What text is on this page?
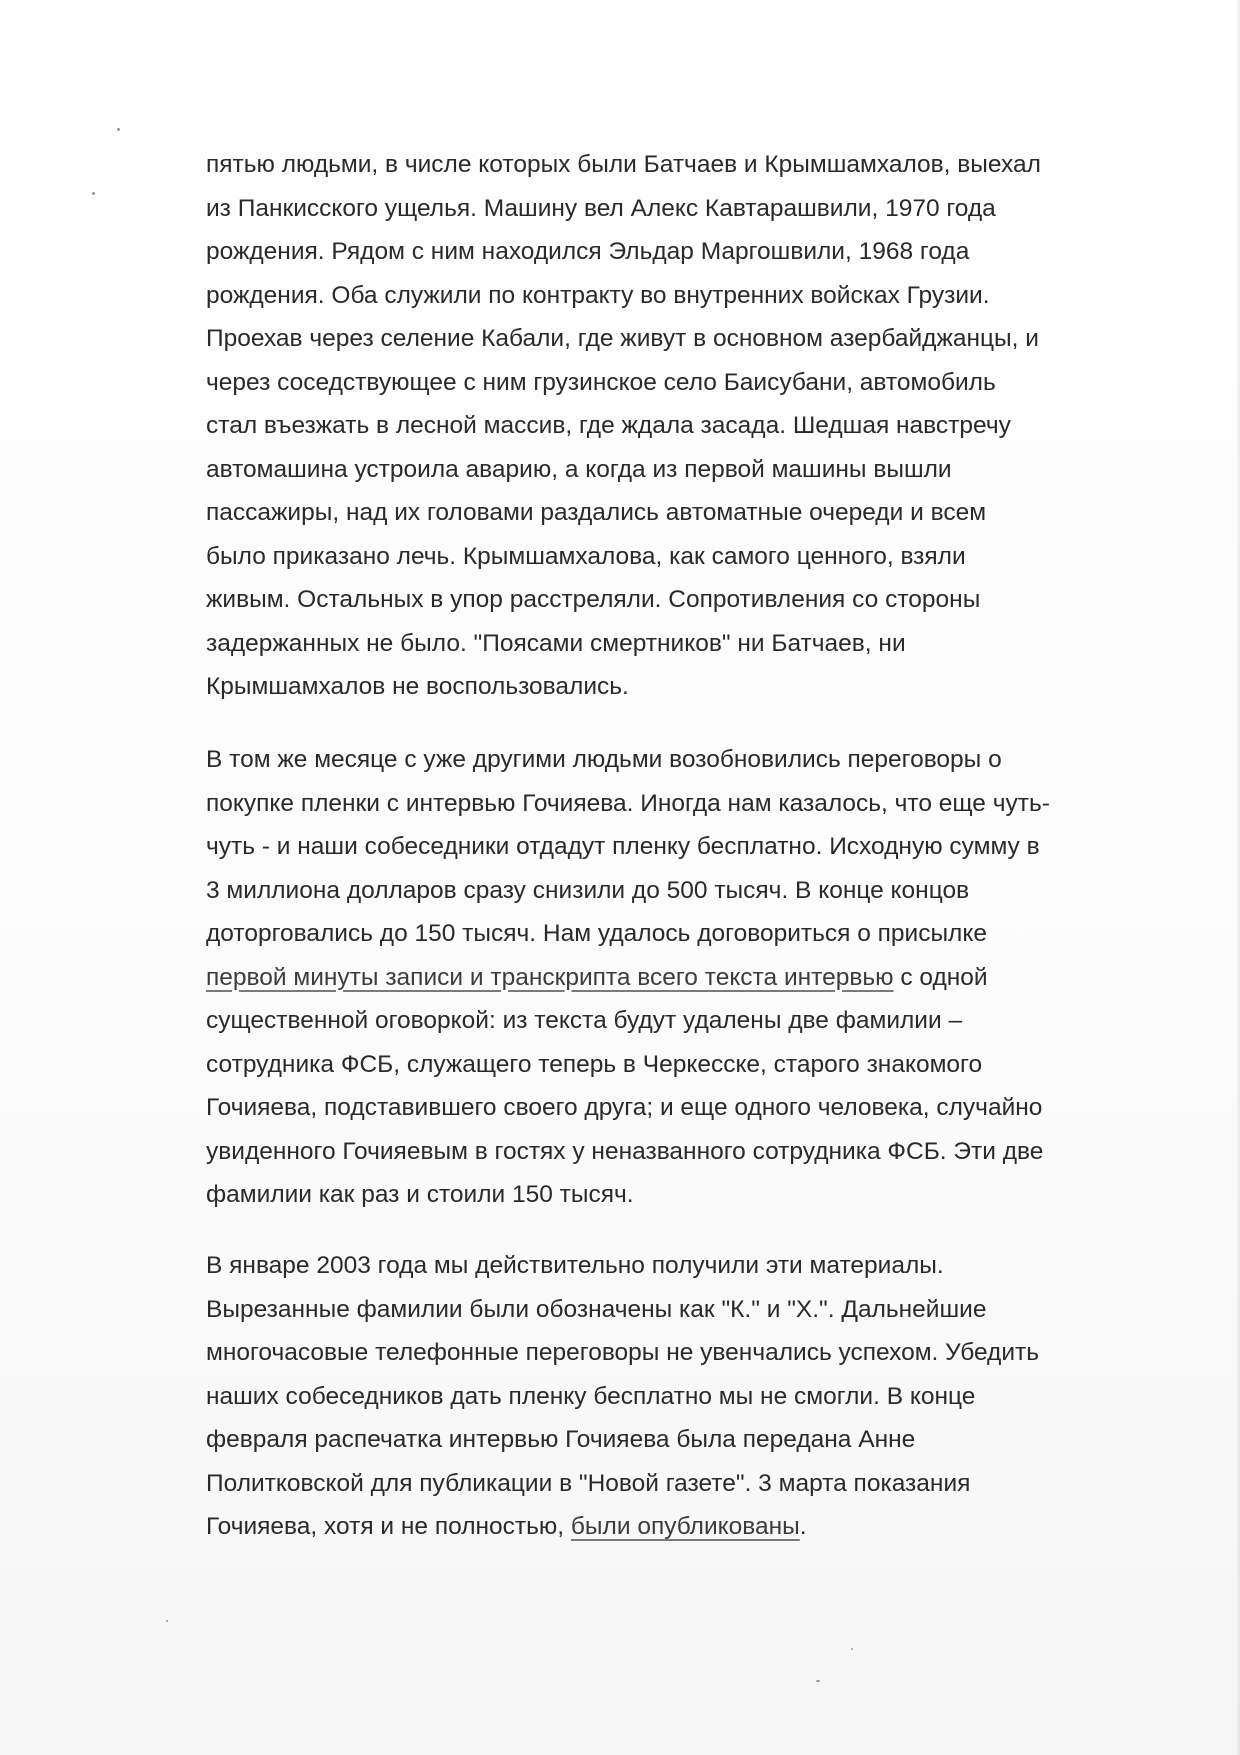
пятью людьми, в числе которых были Батчаев и Крымшамхалов, выехал
из Панкисского ущелья. Машину вел Алекс Кавтарашвили, 1970 года
рождения. Рядом с ним находился Эльдар Маргошвили, 1968 года
рождения. Оба служили по контракту во внутренних войсках Грузии.
Проехав через селение Кабали, где живут в основном азербайджанцы, и
через соседствующее с ним грузинское село Баисубани, автомобиль
стал въезжать в лесной массив, где ждала засада. Шедшая навстречу
автомашина устроила аварию, а когда из первой машины вышли
пассажиры, над их головами раздались автоматные очереди и всем
было приказано лечь. Крымшамхалова, как самого ценного, взяли
живым. Остальных в упор расстреляли. Сопротивления со стороны
задержанных не было. "Поясами смертников" ни Батчаев, ни
Крымшамхалов не воспользовались.
В том же месяце с уже другими людьми возобновились переговоры о
покупке пленки с интервью Гочияева. Иногда нам казалось, что еще чуть-
чуть - и наши собеседники отдадут пленку бесплатно. Исходную сумму в
3 миллиона долларов сразу снизили до 500 тысяч. В конце концов
доторговались до 150 тысяч. Нам удалось договориться о присылке
первой минуты записи и транскрипта всего текста интервью с одной
существенной оговоркой: из текста будут удалены две фамилии –
сотрудника ФСБ, служащего теперь в Черкесске, старого знакомого
Гочияева, подставившего своего друга; и еще одного человека, случайно
увиденного Гочияевым в гостях у неназванного сотрудника ФСБ. Эти две
фамилии как раз и стоили 150 тысяч.
В январе 2003 года мы действительно получили эти материалы.
Вырезанные фамилии были обозначены как "К." и "Х.". Дальнейшие
многочасовые телефонные переговоры не увенчались успехом. Убедить
наших собеседников дать пленку бесплатно мы не смогли. В конце
февраля распечатка интервью Гочияева была передана Анне
Политковской для публикации в "Новой газете". 3 марта показания
Гочияева, хотя и не полностью, были опубликованы.
